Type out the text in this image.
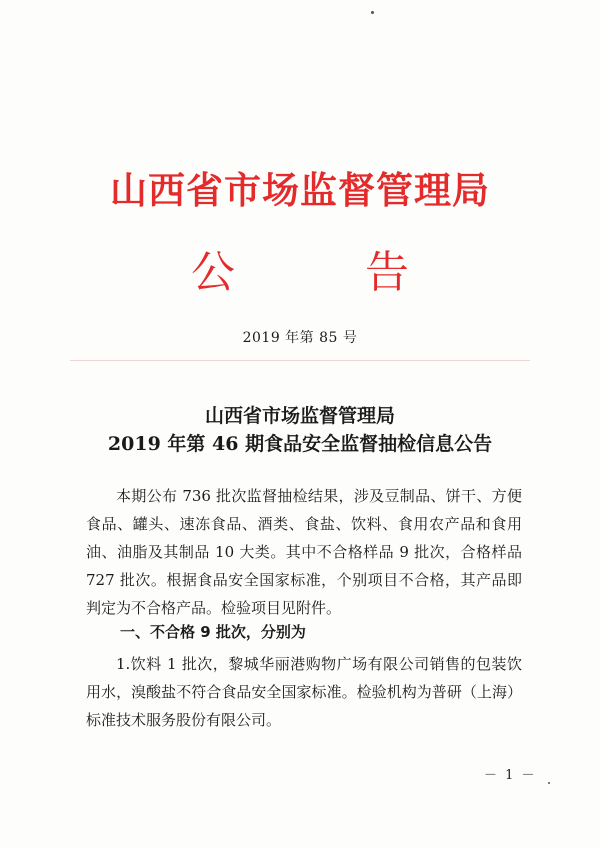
山西省市场监督管理局
公 告
2019 年第 85 号
山西省市场监督管理局
2019 年第 46 期食品安全监督抽检信息公告
本期公布 736 批次监督抽检结果，涉及豆制品、饼干、方便食品、罐头、速冻食品、酒类、食盐、饮料、食用农产品和食用油、油脂及其制品 10 大类。其中不合格样品 9 批次，合格样品 727 批次。根据食品安全国家标准，个别项目不合格，其产品即判定为不合格产品。检验项目见附件。
一、不合格 9 批次，分别为
1.饮料 1 批次，黎城华丽港购物广场有限公司销售的包装饮用水，溴酸盐不符合食品安全国家标准。检验机构为普研（上海）标准技术服务股份有限公司。
－ 1 －
